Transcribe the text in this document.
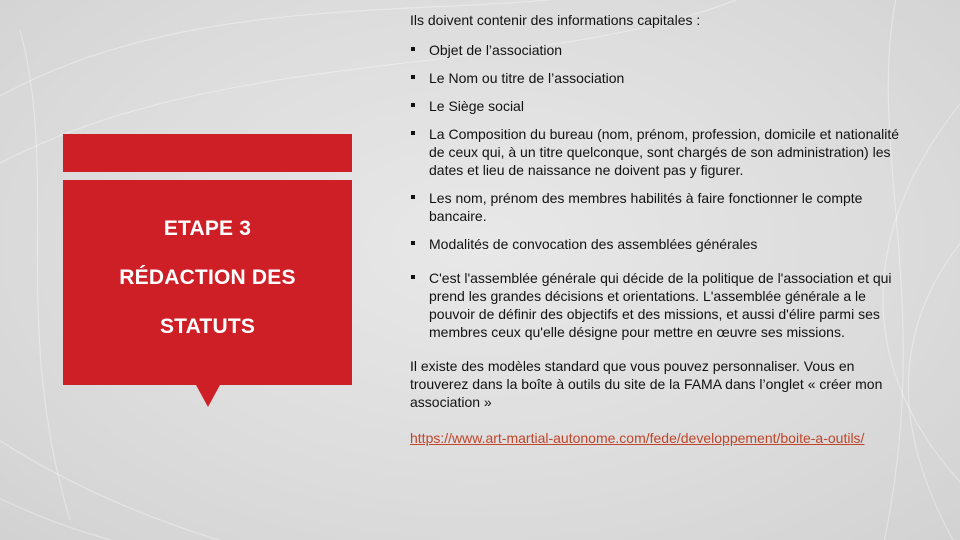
ETAPE 3
RÉDACTION DES
STATUTS

Ils doivent contenir des informations capitales :

Objet de l’association
Le Nom ou titre de l’association
Le Siège social
La Composition du bureau (nom, prénom, profession, domicile et nationalité de ceux qui, à un titre quelconque, sont chargés de son administration) les dates et lieu de naissance ne doivent pas y figurer.
Les nom, prénom des membres habilités à faire fonctionner le compte bancaire.
Modalités de convocation des assemblées générales
C'est l'assemblée générale qui décide de la politique de l'association et qui prend les grandes décisions et orientations. L'assemblée générale a le pouvoir de définir des objectifs et des missions, et aussi d'élire parmi ses membres ceux qu'elle désigne pour mettre en œuvre ses missions.

Il existe des modèles standard que vous pouvez personnaliser. Vous en trouverez dans la boîte à outils du site de la FAMA dans l’onglet « créer mon association »

https://www.art-martial-autonome.com/fede/developpement/boite-a-outils/
